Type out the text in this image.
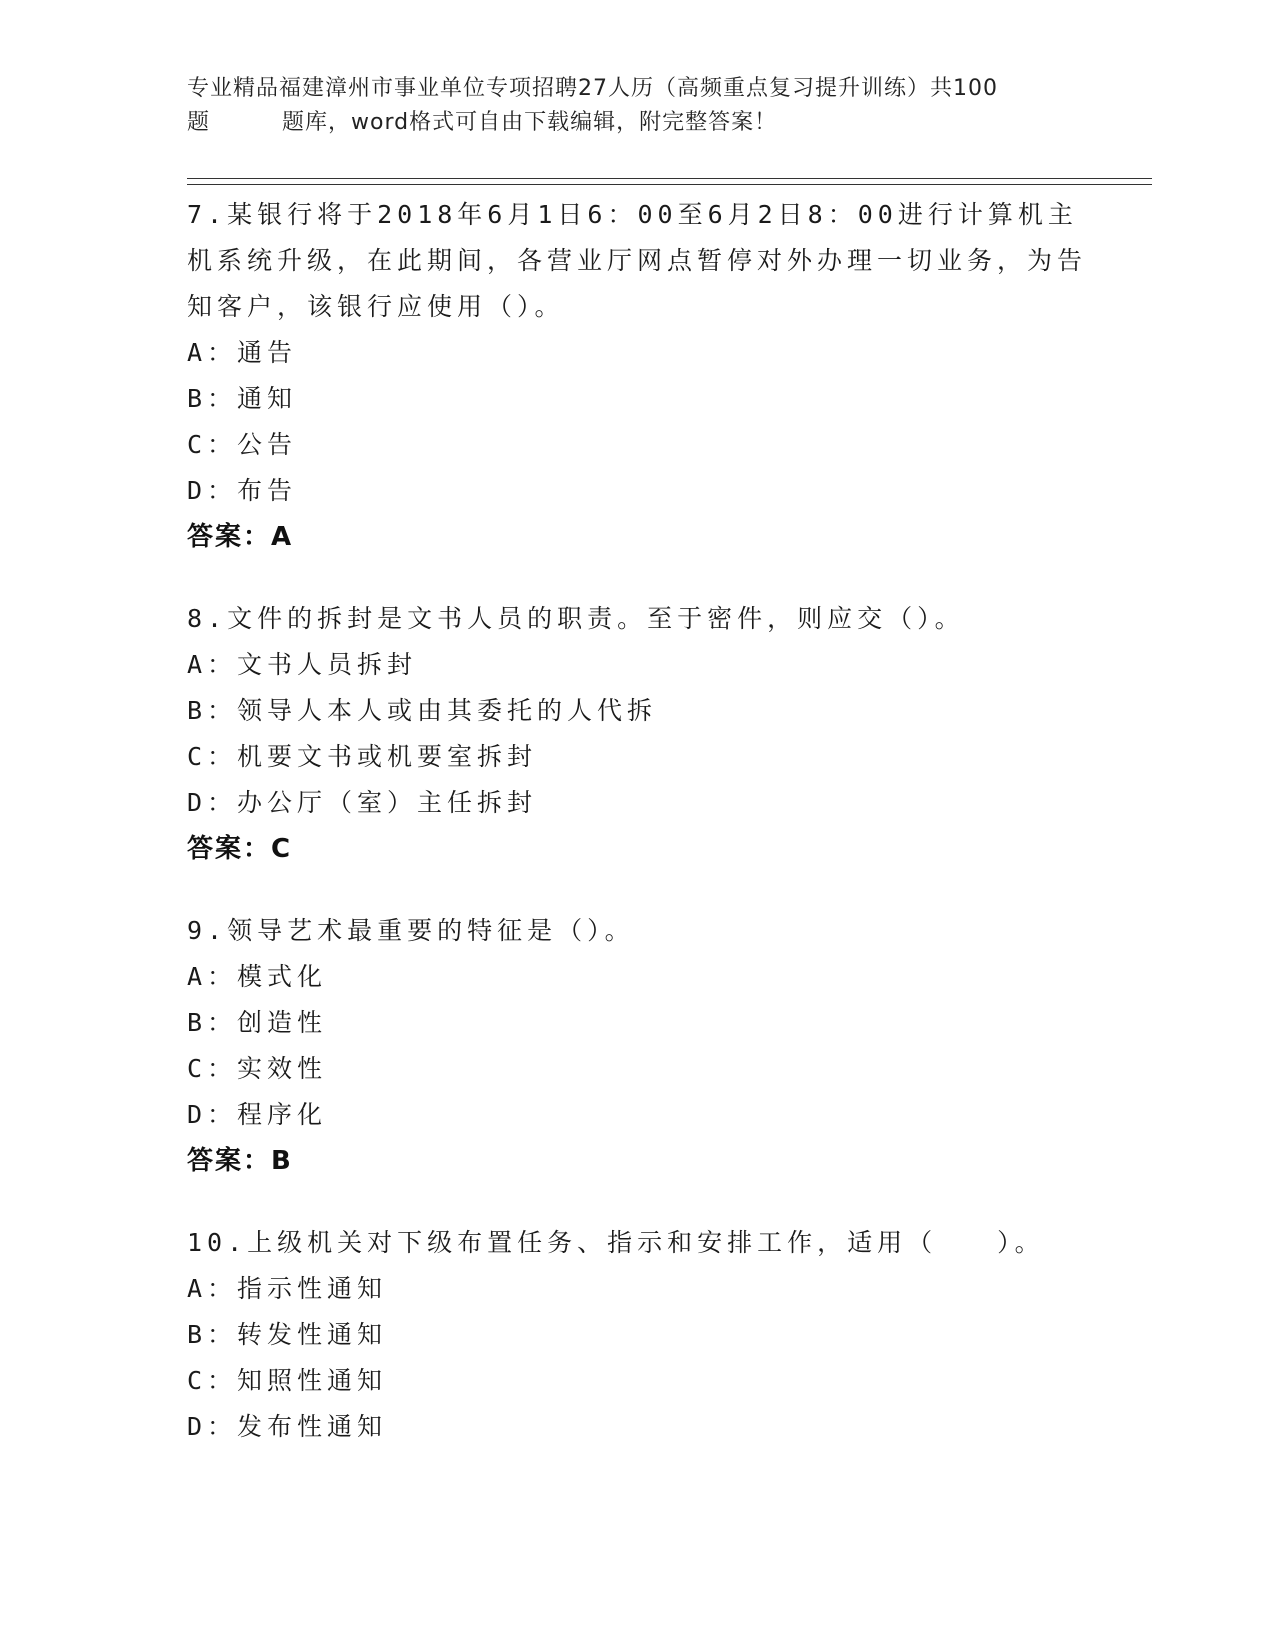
专业精品福建漳州市事业单位专项招聘27人历（高频重点复习提升训练）共100
题	题库，word格式可自由下载编辑，附完整答案！
7.某银行将于2018年6月1日6：00至6月2日8：00进行计算机主机系统升级，在此期间，各营业厅网点暂停对外办理一切业务，为告知客户，该银行应使用（）。
A：通告
B：通知
C：公告
D：布告
答案：A
8.文件的拆封是文书人员的职责。至于密件，则应交（）。
A：文书人员拆封
B：领导人本人或由其委托的人代拆
C：机要文书或机要室拆封
D：办公厅（室）主任拆封
答案：C
9.领导艺术最重要的特征是（）。
A：模式化
B：创造性
C：实效性
D：程序化
答案：B
10.上级机关对下级布置任务、指示和安排工作，适用（　　）。
A：指示性通知
B：转发性通知
C：知照性通知
D：发布性通知
